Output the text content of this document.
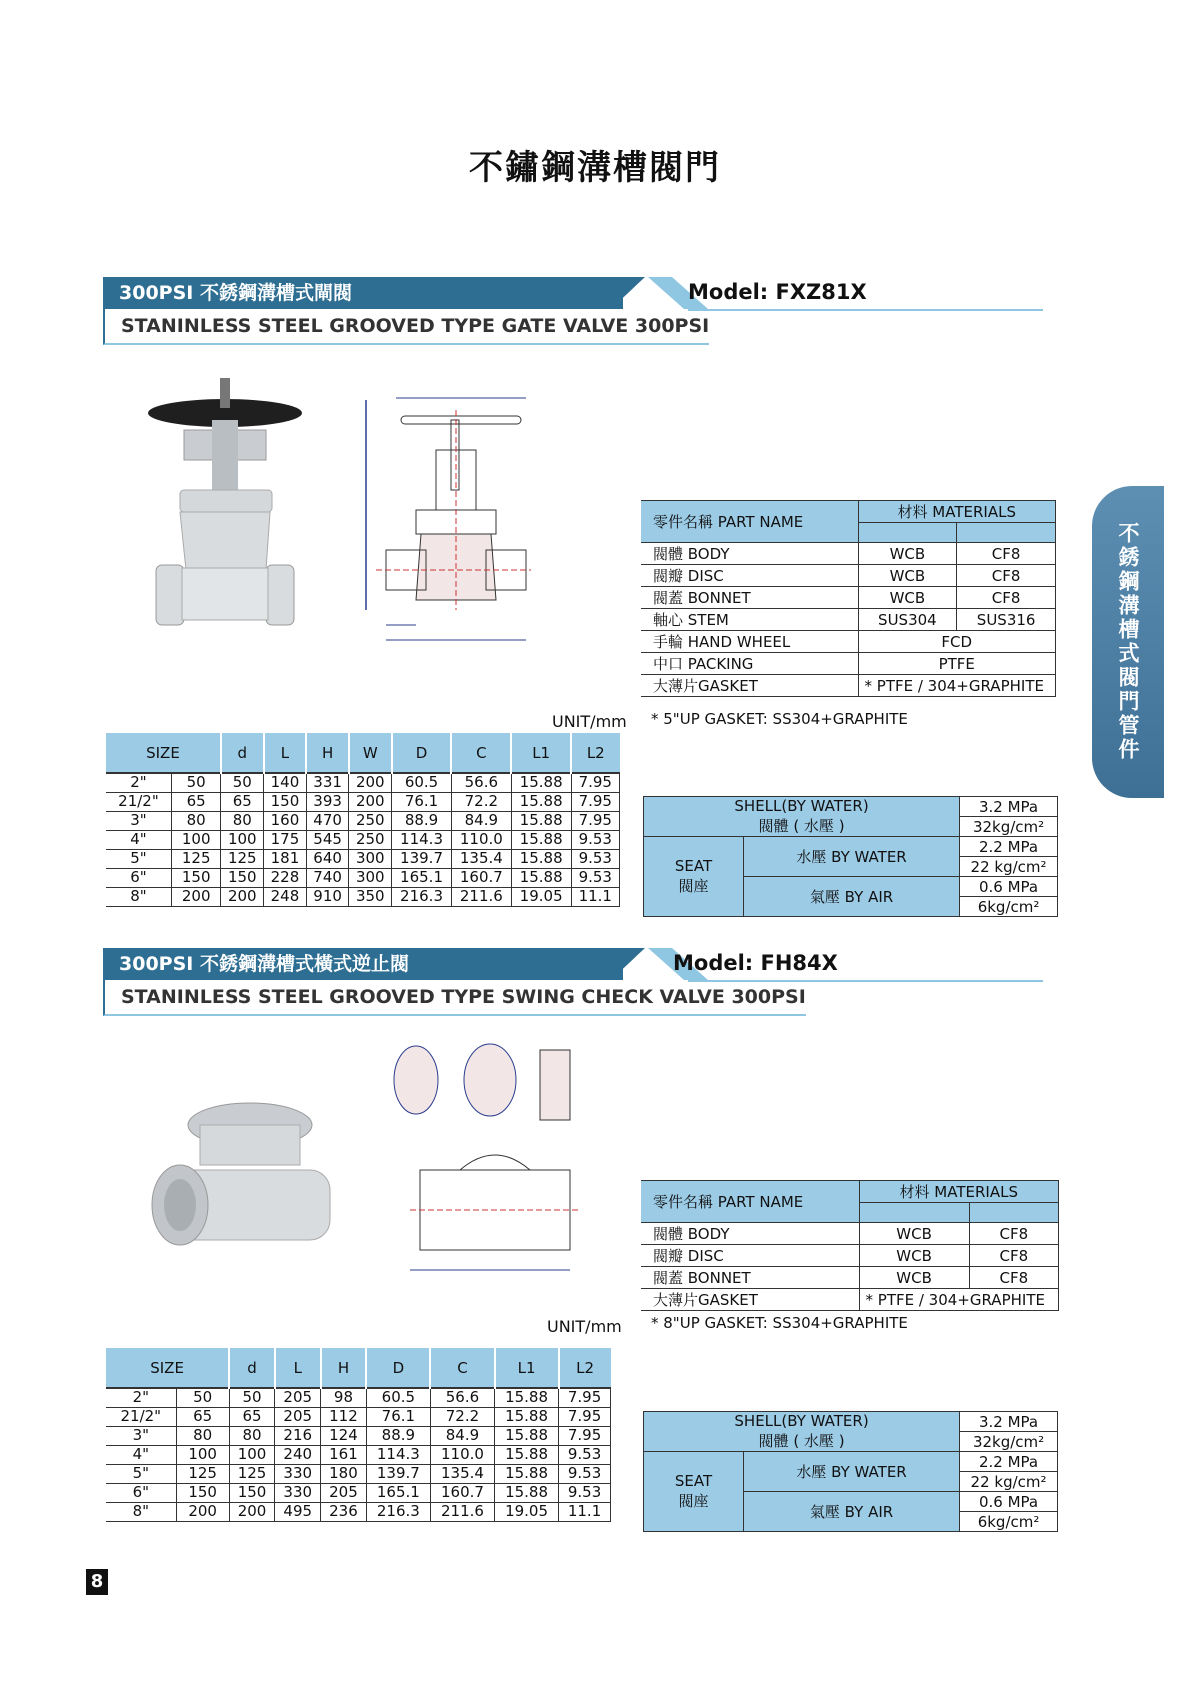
不鏽鋼溝槽閥門
不銹鋼溝槽式閥門管件
300PSI 不銹鋼溝槽式閘閥	Model: FXZ81X
STANINLESS STEEL GROOVED TYPE GATE VALVE 300PSI
零件名稱 PART NAME	材料 MATERIALS	

閥體 BODY	WCB	CF8
閥瓣 DISC	WCB	CF8
閥蓋 BONNET	WCB	CF8
軸心 STEM	SUS304	SUS316
手輪 HAND WHEEL	FCD	
中口 PACKING	PTFE	
大薄片GASKET	* PTFE / 304+GRAPHITE	
UNIT/mm * 5"UP GASKET: SS304+GRAPHITE
SIZE		d	L	H	W	D	C	L1	L2
2"	50	50	140	331	200	60.5	56.6	15.88	7.95
21/2"	65	65	150	393	200	76.1	72.2	15.88	7.95
3"	80	80	160	470	250	88.9	84.9	15.88	7.95
4"	100	100	175	545	250	114.3	110.0	15.88	9.53
5"	125	125	181	640	300	139.7	135.4	15.88	9.53
6"	150	150	228	740	300	165.1	160.7	15.88	9.53
8"	200	200	248	910	350	216.3	211.6	19.05	11.1
SHELL(BY WATER)
閥體 ( 水壓 )		3.2 MPa
		32kg/cm²

SEAT
閥座	水壓 BY WATER	2.2 MPa
		22 kg/cm²
	氣壓 BY AIR	0.6 MPa
		6kg/cm²
300PSI 不銹鋼溝槽式橫式逆止閥	Model: FH84X
STANINLESS STEEL GROOVED TYPE SWING CHECK VALVE 300PSI
零件名稱 PART NAME	材料 MATERIALS	

閥體 BODY	WCB	CF8
閥瓣 DISC	WCB	CF8
閥蓋 BONNET	WCB	CF8
大薄片GASKET	* PTFE / 304+GRAPHITE	
UNIT/mm * 8"UP GASKET: SS304+GRAPHITE
SIZE		d	L	H	D	C	L1	L2
2"	50	50	205	98	60.5	56.6	15.88	7.95
21/2"	65	65	205	112	76.1	72.2	15.88	7.95
3"	80	80	216	124	88.9	84.9	15.88	7.95
4"	100	100	240	161	114.3	110.0	15.88	9.53
5"	125	125	330	180	139.7	135.4	15.88	9.53
6"	150	150	330	205	165.1	160.7	15.88	9.53
8"	200	200	495	236	216.3	211.6	19.05	11.1
SHELL(BY WATER)
閥體 ( 水壓 )		3.2 MPa
		32kg/cm²

SEAT
閥座	水壓 BY WATER	2.2 MPa
		22 kg/cm²
	氣壓 BY AIR	0.6 MPa
		6kg/cm²
8
